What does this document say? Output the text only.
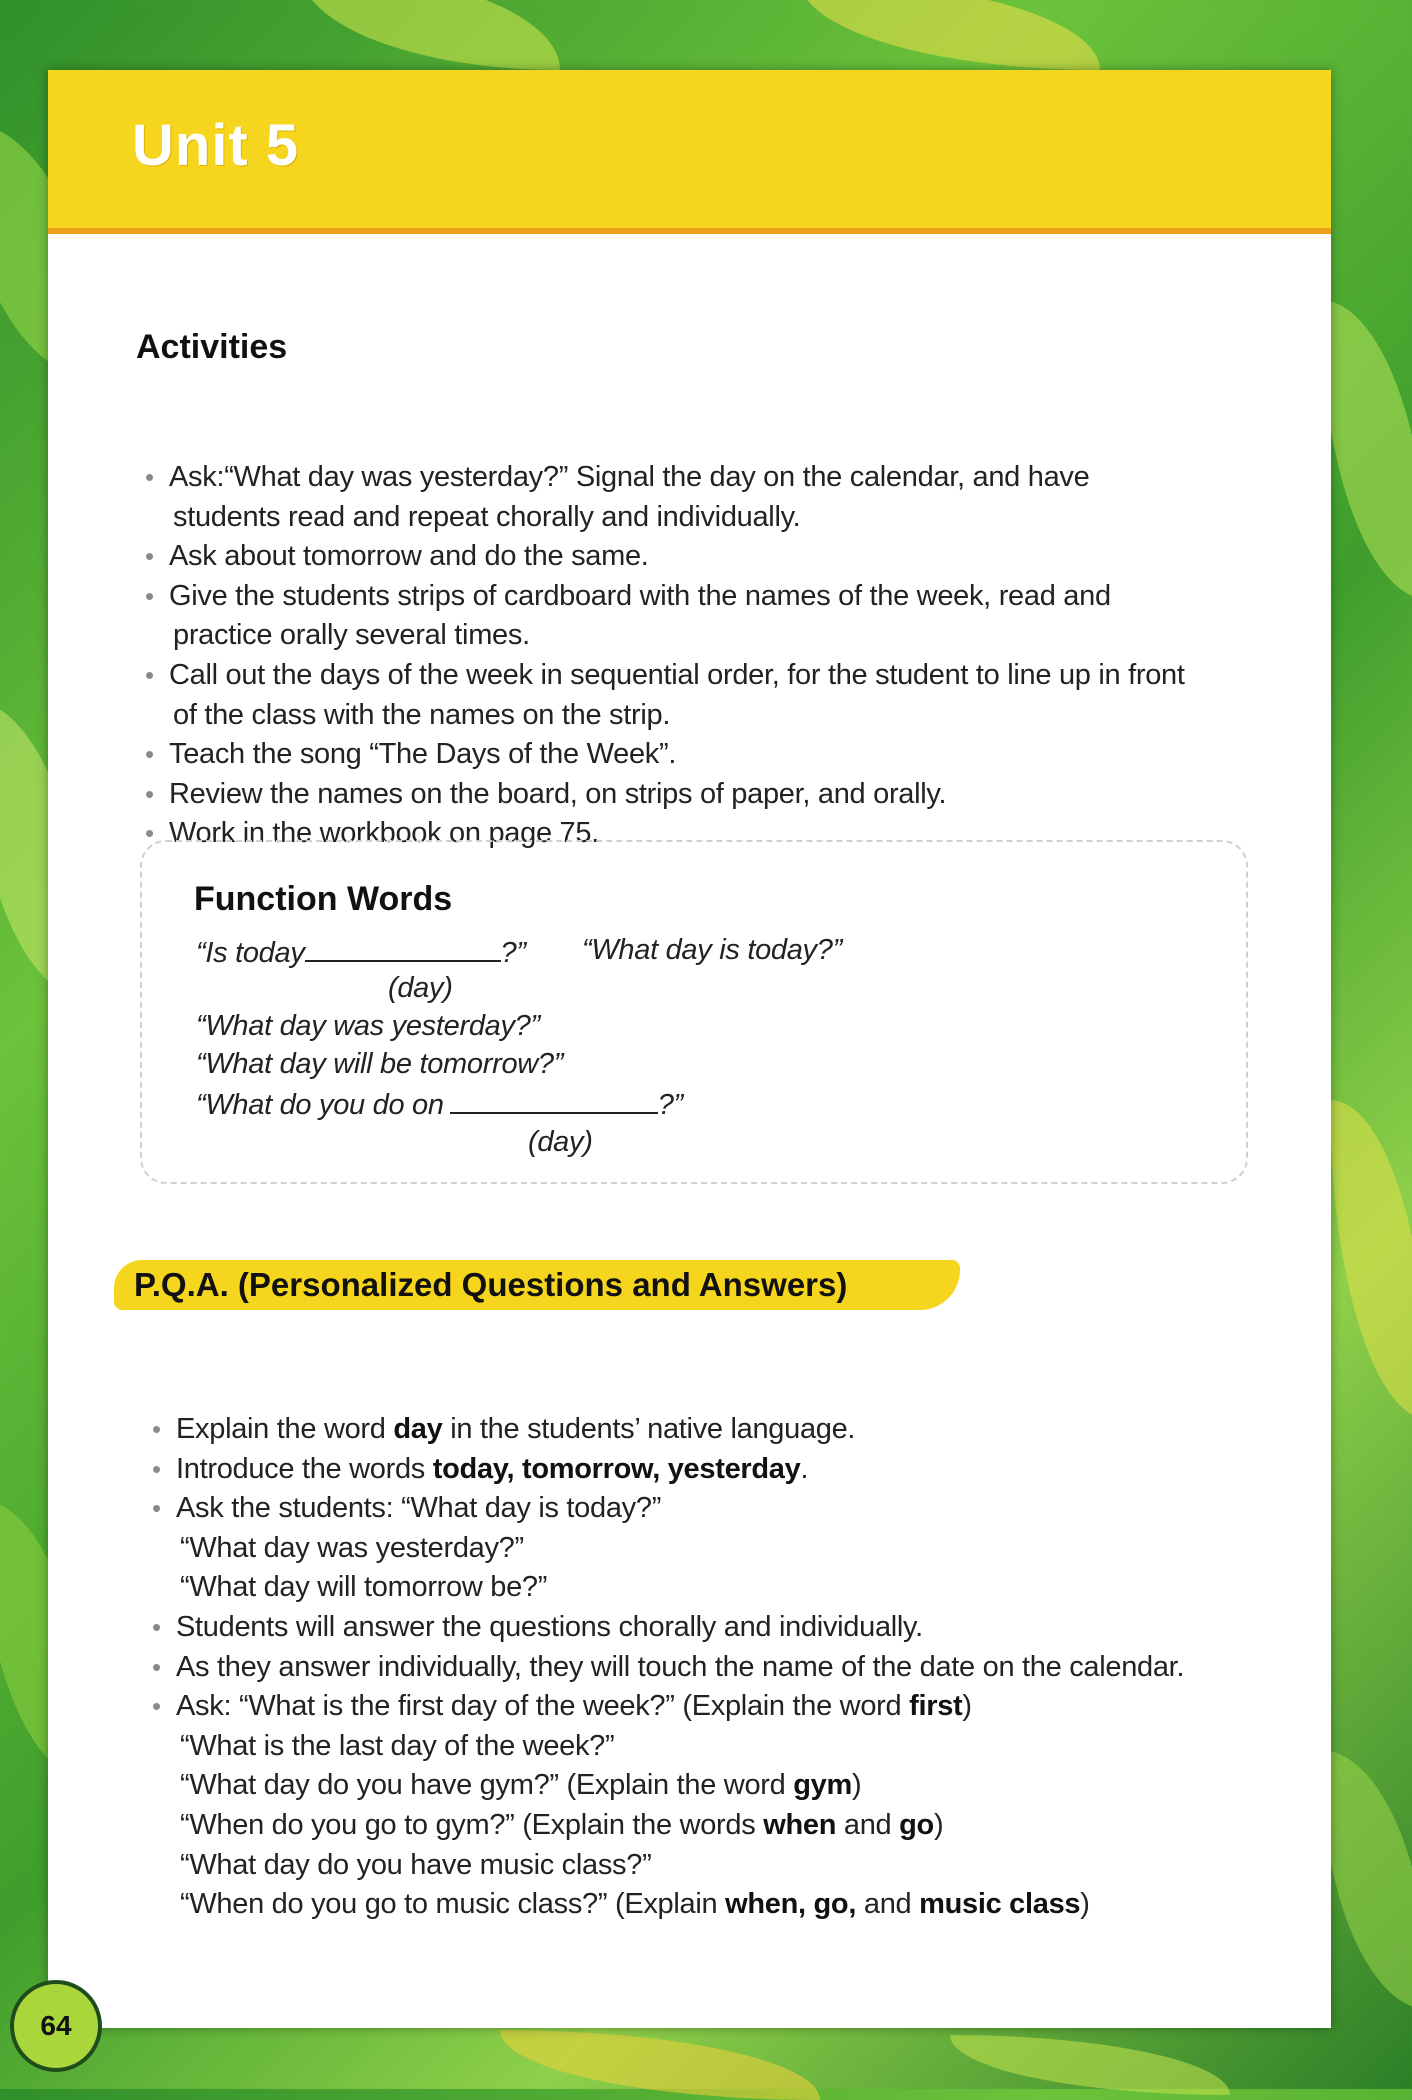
Unit 5
Activities
• Ask:“What day was yesterday?” Signal the day on the calendar, and have
students read and repeat chorally and individually.
• Ask about tomorrow and do the same.
• Give the students strips of cardboard with the names of the week, read and
practice orally several times.
• Call out the days of the week in sequential order, for the student to line up in front
of the class with the names on the strip.
• Teach the song “The Days of the Week”.
• Review the names on the board, on strips of paper, and orally.
• Work in the workbook on page 75.
Function Words
“Is today	?” “What day is today?”
(day)
“What day was yesterday?”
“What day will be tomorrow?”
“What do you do on	?”
(day)
P.Q.A. (Personalized Questions and Answers)
• Explain the word day in the students’ native language.
• Introduce the words today, tomorrow, yesterday.
• Ask the students: “What day is today?”
“What day was yesterday?”
“What day will tomorrow be?”
• Students will answer the questions chorally and individually.
• As they answer individually, they will touch the name of the date on the calendar.
• Ask: “What is the first day of the week?” (Explain the word first)
“What is the last day of the week?”
“What day do you have gym?” (Explain the word gym)
“When do you go to gym?” (Explain the words when and go)
“What day do you have music class?”
“When do you go to music class?” (Explain when, go, and music class)
64
